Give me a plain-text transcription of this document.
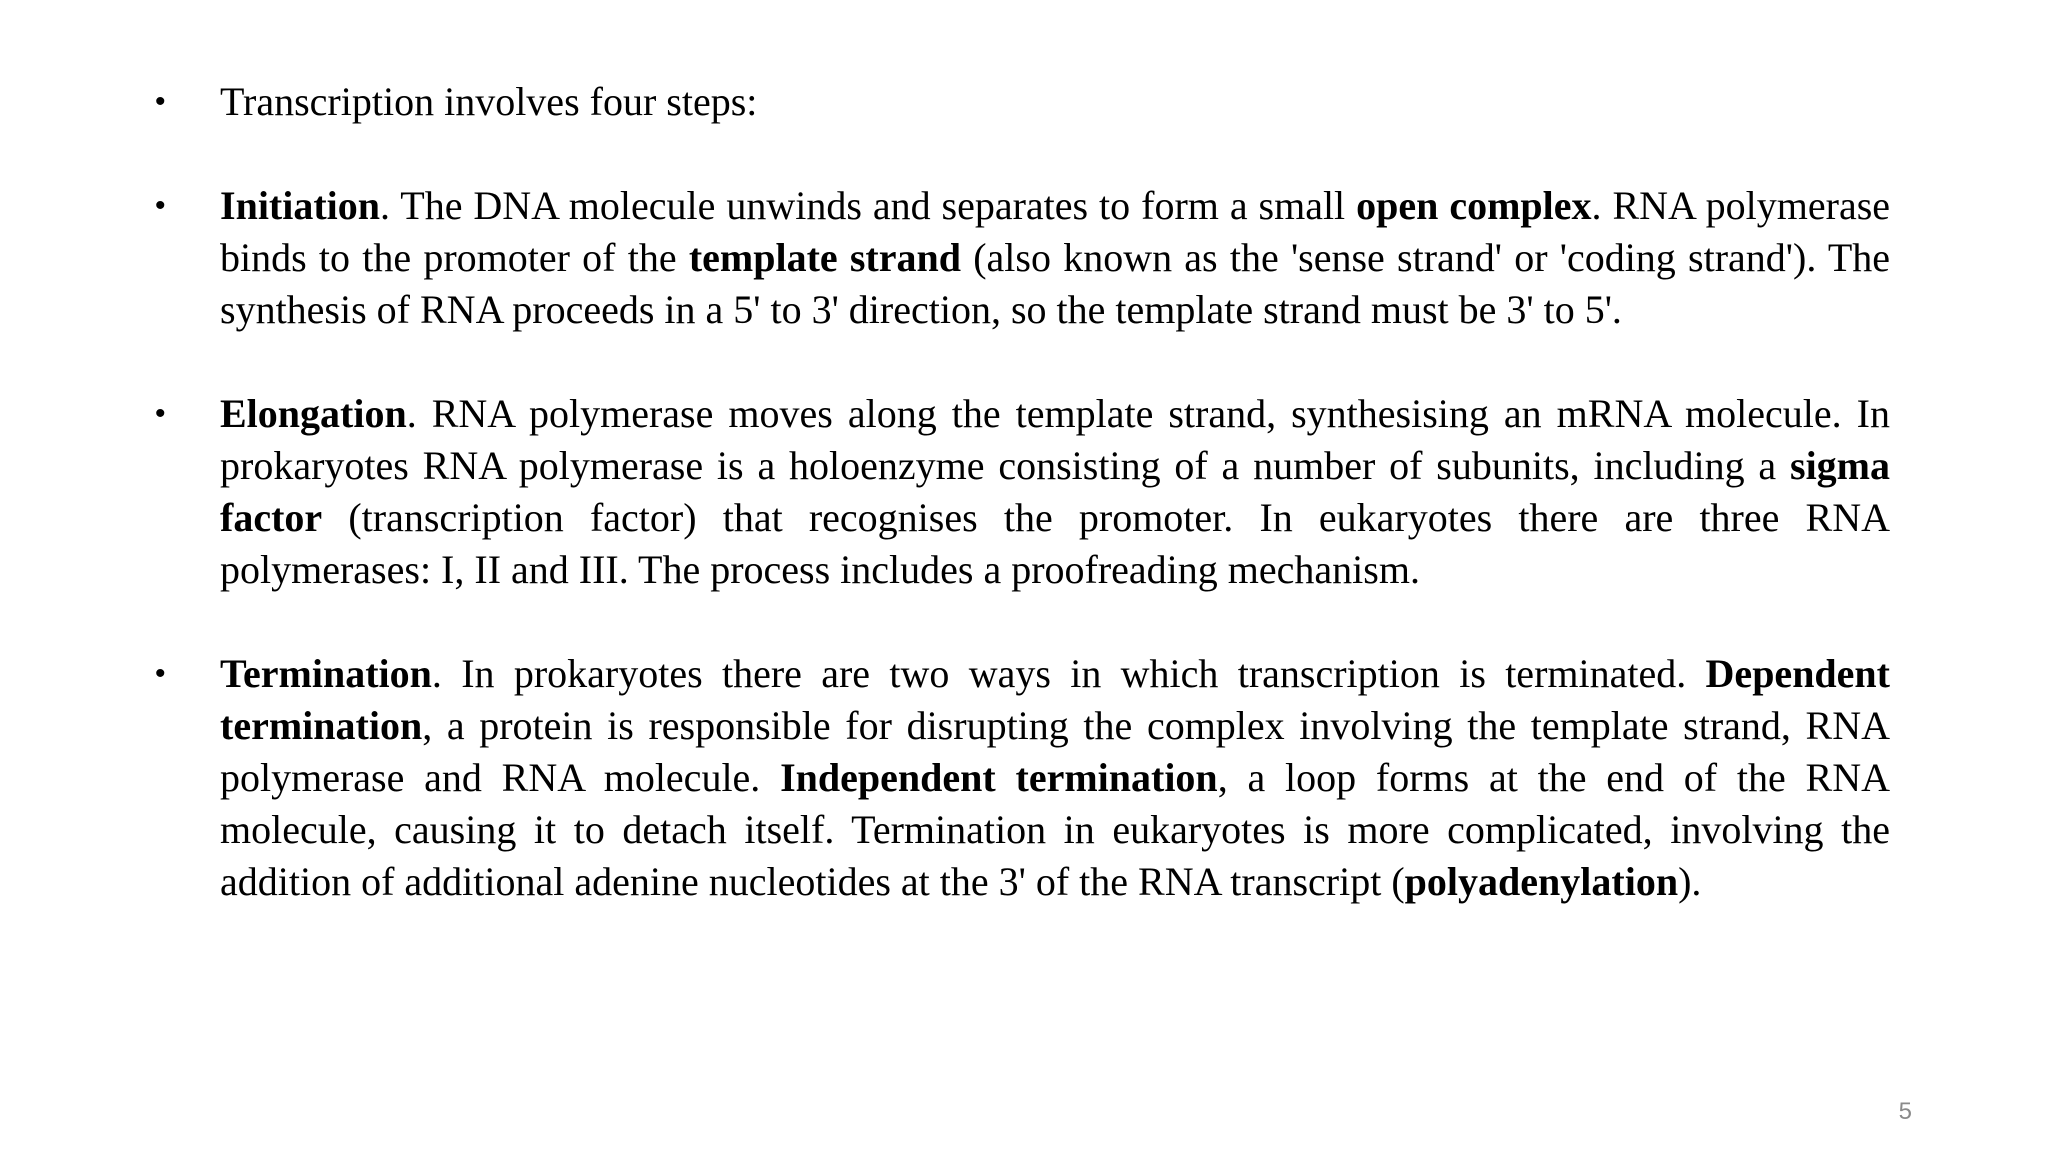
•	Transcription involves four steps:
•	Initiation. The DNA molecule unwinds and separates to form a small open complex. RNA polymerase binds to the promoter of the template strand (also known as the 'sense strand' or 'coding strand'). The synthesis of RNA proceeds in a 5' to 3' direction, so the template strand must be 3' to 5'.
•	Elongation. RNA polymerase moves along the template strand, synthesising an mRNA molecule. In prokaryotes RNA polymerase is a holoenzyme consisting of a number of subunits, including a sigma factor (transcription factor) that recognises the promoter. In eukaryotes there are three RNA polymerases: I, II and III. The process includes a proofreading mechanism.
•	Termination. In prokaryotes there are two ways in which transcription is terminated. Dependent termination, a protein is responsible for disrupting the complex involving the template strand, RNA polymerase and RNA molecule. Independent termination, a loop forms at the end of the RNA molecule, causing it to detach itself. Termination in eukaryotes is more complicated, involving the addition of additional adenine nucleotides at the 3' of the RNA transcript (polyadenylation).
5
